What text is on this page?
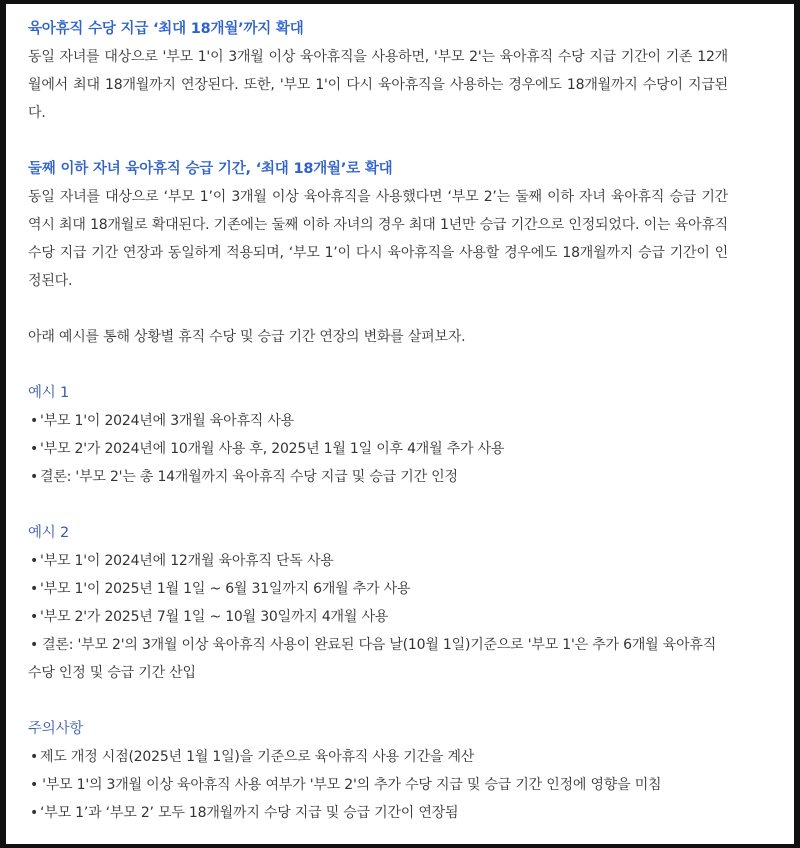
육아휴직 수당 지급 ‘최대 18개월’까지 확대
동일 자녀를 대상으로 '부모 1'이 3개월 이상 육아휴직을 사용하면, '부모 2'는 육아휴직 수당 지급 기간이 기존 12개월에서 최대 18개월까지 연장된다. 또한, '부모 1'이 다시 육아휴직을 사용하는 경우에도 18개월까지 수당이 지급된다.
둘째 이하 자녀 육아휴직 승급 기간, ‘최대 18개월’로 확대
동일 자녀를 대상으로 ‘부모 1’이 3개월 이상 육아휴직을 사용했다면 ‘부모 2’는 둘째 이하 자녀 육아휴직 승급 기간 역시 최대 18개월로 확대된다. 기존에는 둘째 이하 자녀의 경우 최대 1년만 승급 기간으로 인정되었다. 이는 육아휴직 수당 지급 기간 연장과 동일하게 적용되며, ‘부모 1’이 다시 육아휴직을 사용할 경우에도 18개월까지 승급 기간이 인정된다.
아래 예시를 통해 상황별 휴직 수당 및 승급 기간 연장의 변화를 살펴보자.
예시 1
• '부모 1'이 2024년에 3개월 육아휴직 사용
• '부모 2'가 2024년에 10개월 사용 후, 2025년 1월 1일 이후 4개월 추가 사용
• 결론: '부모 2'는 총 14개월까지 육아휴직 수당 지급 및 승급 기간 인정
예시 2
• '부모 1'이 2024년에 12개월 육아휴직 단독 사용
• '부모 1'이 2025년 1월 1일 ~ 6월 31일까지 6개월 추가 사용
• '부모 2'가 2025년 7월 1일 ~ 10월 30일까지 4개월 사용
• 결론: '부모 2'의 3개월 이상 육아휴직 사용이 완료된 다음 날(10월 1일)기준으로 '부모 1'은 추가 6개월 육아휴직 수당 인정 및 승급 기간 산입
주의사항
• 제도 개정 시점(2025년 1월 1일)을 기준으로 육아휴직 사용 기간을 계산
• '부모 1'의 3개월 이상 육아휴직 사용 여부가 '부모 2'의 추가 수당 지급 및 승급 기간 인정에 영향을 미침
• ‘부모 1’과 ‘부모 2’ 모두 18개월까지 수당 지급 및 승급 기간이 연장됨
